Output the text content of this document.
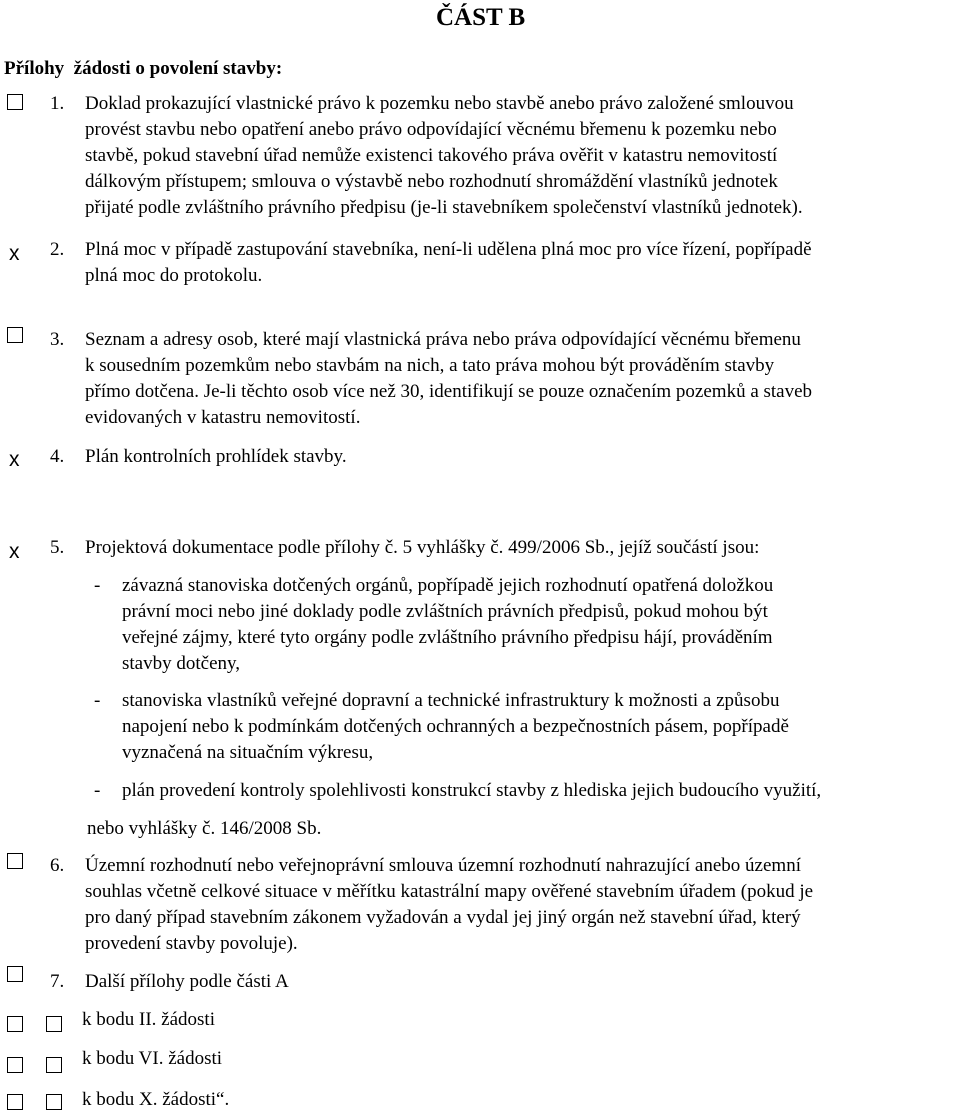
ČÁST B
Přílohy  žádosti o povolení stavby:
1. Doklad prokazující vlastnické právo k pozemku nebo stavbě anebo právo založené smlouvou
provést stavbu nebo opatření anebo právo odpovídající věcnému břemenu k pozemku nebo
stavbě, pokud stavební úřad nemůže existenci takového práva ověřit v katastru nemovitostí
dálkovým přístupem; smlouva o výstavbě nebo rozhodnutí shromáždění vlastníků jednotek
přijaté podle zvláštního právního předpisu (je-li stavebníkem společenství vlastníků jednotek).
x 2. Plná moc v případě zastupování stavebníka, není-li udělena plná moc pro více řízení, popřípadě
plná moc do protokolu.
3. Seznam a adresy osob, které mají vlastnická práva nebo práva odpovídající věcnému břemenu
k sousedním pozemkům nebo stavbám na nich, a tato práva mohou být prováděním stavby
přímo dotčena. Je-li těchto osob více než 30, identifikují se pouze označením pozemků a staveb
evidovaných v katastru nemovitostí.
x 4. Plán kontrolních prohlídek stavby.
x 5. Projektová dokumentace podle přílohy č. 5 vyhlášky č. 499/2006 Sb., jejíž součástí jsou:
- závazná stanoviska dotčených orgánů, popřípadě jejich rozhodnutí opatřená doložkou
právní moci nebo jiné doklady podle zvláštních právních předpisů, pokud mohou být
veřejné zájmy, které tyto orgány podle zvláštního právního předpisu hájí, prováděním
stavby dotčeny,
- stanoviska vlastníků veřejné dopravní a technické infrastruktury k možnosti a způsobu
napojení nebo k podmínkám dotčených ochranných a bezpečnostních pásem, popřípadě
vyznačená na situačním výkresu,
- plán provedení kontroly spolehlivosti konstrukcí stavby z hlediska jejich budoucího využití,
nebo vyhlášky č. 146/2008 Sb.
6. Územní rozhodnutí nebo veřejnoprávní smlouva územní rozhodnutí nahrazující anebo územní
souhlas včetně celkové situace v měřítku katastrální mapy ověřené stavebním úřadem (pokud je
pro daný případ stavebním zákonem vyžadován a vydal jej jiný orgán než stavební úřad, který
provedení stavby povoluje).
7. Další přílohy podle části A
k bodu II. žádosti
k bodu VI. žádosti
k bodu X. žádosti“.
